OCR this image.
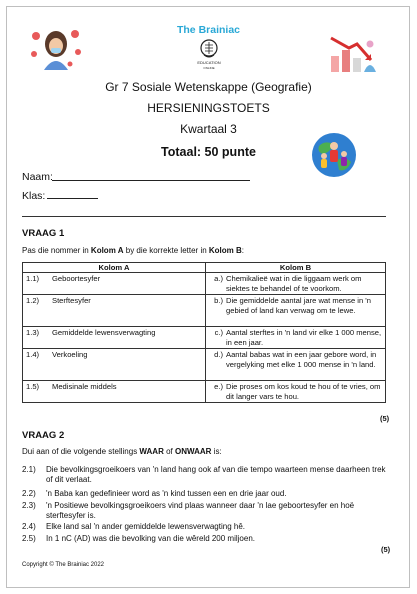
The Brainiac
EDUCATION
ONLINE
Gr 7 Sosiale Wetenskappe (Geografie)
HERSIENINGSTOETS
Kwartaal 3
Totaal: 50 punte
Naam:
Klas:
VRAAG 1
Pas die nommer in Kolom A by die korrekte letter in Kolom B:
Kolom A		Kolom B	
1.1)	Geboortesyfer	a.)	Chemikalieë wat in die liggaam werk om siektes te behandel of te voorkom.
1.2)	Sterftesyfer	b.)	Die gemiddelde aantal jare wat mense in 'n gebied of land kan verwag om te lewe.
1.3)	Gemiddelde lewensverwagting	c.)	Aantal sterftes in 'n land vir elke 1 000 mense, in een jaar.
1.4)	Verkoeling	d.)	Aantal babas wat in een jaar gebore word, in vergelyking met elke 1 000 mense in 'n land.
1.5)	Medisinale middels	e.)	Die proses om kos koud te hou of te vries, om dit langer vars te hou.
(5)
VRAAG 2
Dui aan of die volgende stellings WAAR of ONWAAR is:
2.1) Die bevolkingsgroeikoers van 'n land hang ook af van die tempo waarteen mense daarheen trek of dit verlaat.
2.2) 'n Baba kan gedefinieer word as 'n kind tussen een en drie jaar oud.
2.3) 'n Positiewe bevolkingsgroeikoers vind plaas wanneer daar 'n lae geboortesyfer en hoë sterftesyfer is.
2.4) Elke land sal 'n ander gemiddelde lewensverwagting hê.
2.5) In 1 nC (AD) was die bevolking van die wêreld 200 miljoen.
(5)
Copyright © The Brainiac 2022
